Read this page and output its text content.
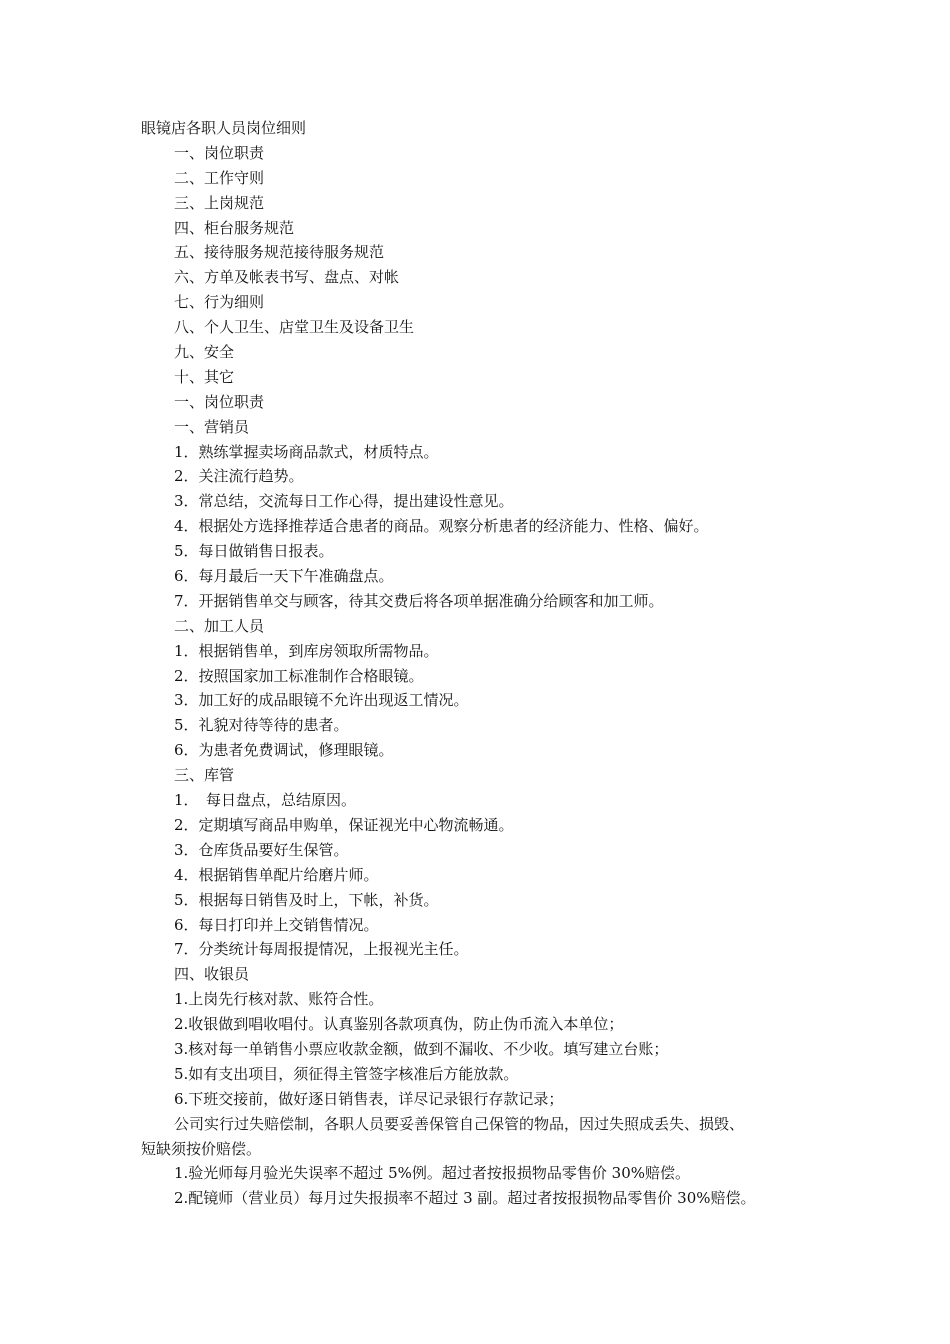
眼镜店各职人员岗位细则

一、岗位职责

二、工作守则

三、上岗规范

四、柜台服务规范

五、接待服务规范接待服务规范

六、方单及帐表书写、盘点、对帐

七、行为细则

八、个人卫生、店堂卫生及设备卫生

九、安全

十、其它

一、岗位职责

一、营销员

1．熟练掌握卖场商品款式，材质特点。

2．关注流行趋势。

3．常总结，交流每日工作心得，提出建设性意见。

4．根据处方选择推荐适合患者的商品。观察分析患者的经济能力、性格、偏好。

5．每日做销售日报表。

6．每月最后一天下午准确盘点。

7．开据销售单交与顾客，待其交费后将各项单据准确分给顾客和加工师。

二、加工人员

1．根据销售单，到库房领取所需物品。

2．按照国家加工标准制作合格眼镜。

3．加工好的成品眼镜不允许出现返工情况。

5．礼貌对待等待的患者。

6．为患者免费调试，修理眼镜。

三、库管

1．　每日盘点，总结原因。

2．定期填写商品申购单，保证视光中心物流畅通。

3．仓库货品要好生保管。

4．根据销售单配片给磨片师。

5．根据每日销售及时上，下帐，补货。

6．每日打印并上交销售情况。

7．分类统计每周报提情况，上报视光主任。

四、收银员

1.上岗先行核对款、账符合性。

2.收银做到唱收唱付。认真鉴别各款项真伪，防止伪币流入本单位；

3.核对每一单销售小票应收款金额，做到不漏收、不少收。填写建立台账；

5.如有支出项目，须征得主管签字核准后方能放款。

6.下班交接前，做好逐日销售表，详尽记录银行存款记录；

公司实行过失赔偿制，各职人员要妥善保管自己保管的物品，因过失照成丢失、损毁、

短缺须按价赔偿。

1.验光师每月验光失误率不超过 5%例。超过者按报损物品零售价 30%赔偿。

2.配镜师（营业员）每月过失报损率不超过 3 副。超过者按报损物品零售价 30%赔偿。
